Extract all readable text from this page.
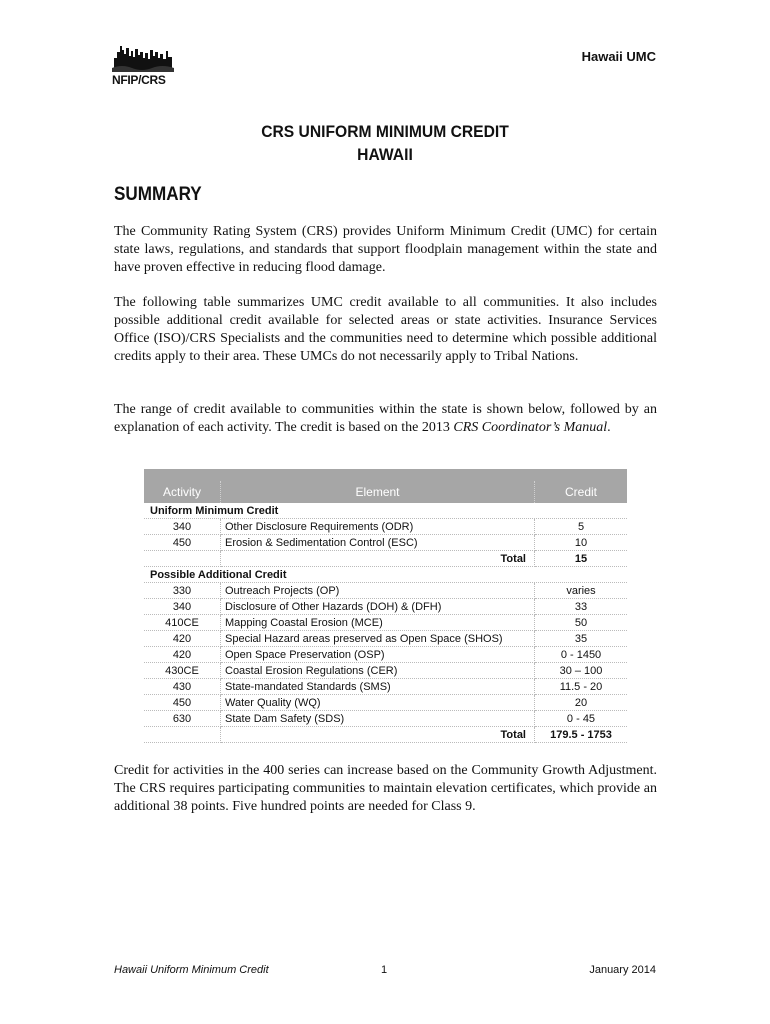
NFIP/CRS
Hawaii UMC
CRS UNIFORM MINIMUM CREDIT
HAWAII
SUMMARY

The Community Rating System (CRS) provides Uniform Minimum Credit (UMC) for certain state laws, regulations, and standards that support floodplain management within the state and have proven effective in reducing flood damage.

The following table summarizes UMC credit available to all communities. It also includes possible additional credit available for selected areas or state activities. Insurance Services Office (ISO)/CRS Specialists and the communities need to determine which possible additional credits apply to their area. These UMCs do not necessarily apply to Tribal Nations.

The range of credit available to communities within the state is shown below, followed by an explanation of each activity. The credit is based on the 2013 CRS Coordinator’s Manual.

Activity	Element	Credit
Uniform Minimum Credit		
340	Other Disclosure Requirements (ODR)	5
450	Erosion & Sedimentation Control (ESC)	10
	Total	15
Possible Additional Credit		
330	Outreach Projects (OP)	varies
340	Disclosure of Other Hazards (DOH) & (DFH)	33
410CE	Mapping Coastal Erosion (MCE)	50
420	Special Hazard areas preserved as Open Space (SHOS)	35
420	Open Space Preservation (OSP)	0 - 1450
430CE	Coastal Erosion Regulations (CER)	30 – 100
430	State-mandated Standards (SMS)	11.5 - 20
450	Water Quality (WQ)	20
630	State Dam Safety (SDS)	0 - 45
	Total	179.5 - 1753

Credit for activities in the 400 series can increase based on the Community Growth Adjustment. The CRS requires participating communities to maintain elevation certificates, which provide an additional 38 points. Five hundred points are needed for Class 9.

Hawaii Uniform Minimum Credit	1	January 2014
